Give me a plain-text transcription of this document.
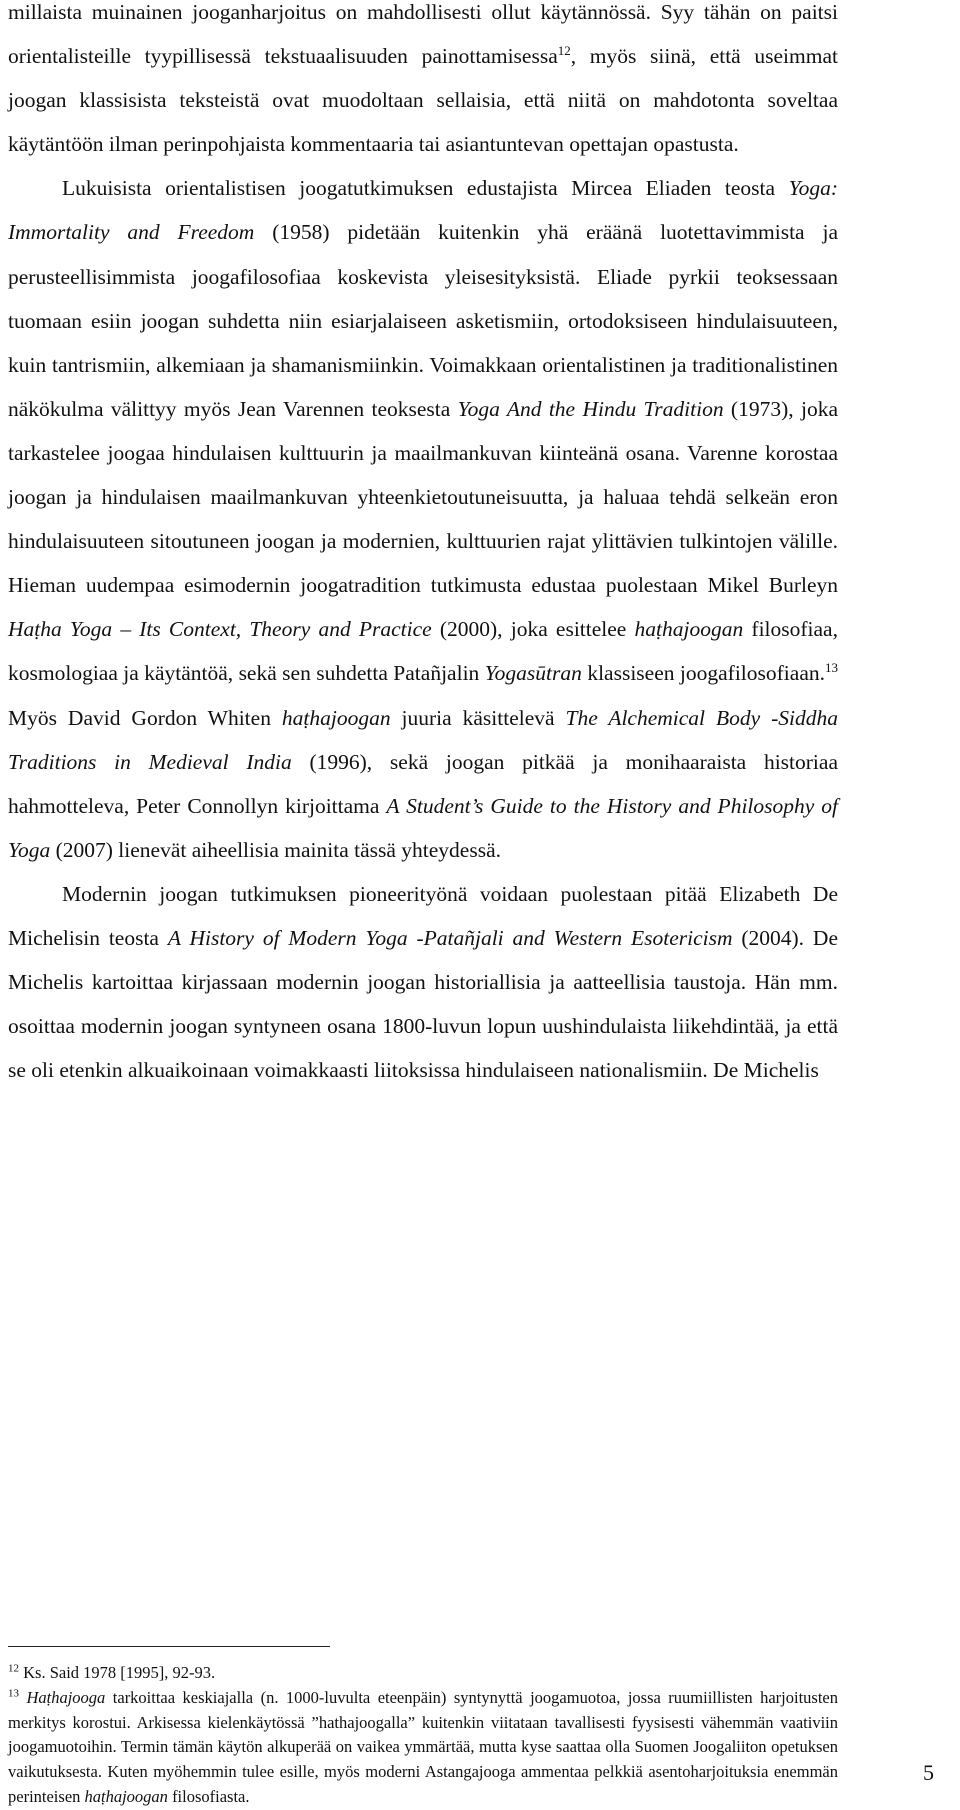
millaista muinainen jooganharjoitus on mahdollisesti ollut käytännössä. Syy tähän on paitsi orientalisteille tyypillisessä tekstuaalisuuden painottamisessa$^{12}$, myös siinä, että useimmat joogan klassisista teksteistä ovat muodoltaan sellaisia, että niitä on mahdotonta soveltaa käytäntöön ilman perinpohjaista kommentaaria tai asiantuntevan opettajan opastusta.

Lukuisista orientalistisen joogatutkimuksen edustajista Mircea Eliaden teosta Yoga: Immortality and Freedom (1958) pidetään kuitenkin yhä eräänä luotettavimmista ja perusteellisimmista joogafilosofiaa koskevista yleisesityksistä. Eliade pyrkii teoksessaan tuomaan esiin joogan suhdetta niin esiarjalaiseen asketismiin, ortodoksiseen hindulaisuuteen, kuin tantrismiin, alkemiaan ja shamanismiinkin. Voimakkaan orientalistinen ja traditionalistinen näkökulma välittyy myös Jean Varennen teoksesta Yoga And the Hindu Tradition (1973), joka tarkastelee joogaa hindulaisen kulttuurin ja maailmankuvan kiinteänä osana. Varenne korostaa joogan ja hindulaisen maailmankuvan yhteenkietoutuneisuutta, ja haluaa tehdä selkeän eron hindulaisuuteen sitoutuneen joogan ja modernien, kulttuurien rajat ylittävien tulkintojen välille. Hieman uudempaa esimodernin joogatradition tutkimusta edustaa puolestaan Mikel Burleyn Haṭha Yoga – Its Context, Theory and Practice (2000), joka esittelee haṭhajoogan filosofiaa, kosmologiaa ja käytäntöä, sekä sen suhdetta Patañjalin Yogasūtran klassiseen joogafilosofiaan.$^{13}$ Myös David Gordon Whiten haṭhajoogan juuria käsittelevä The Alchemical Body -Siddha Traditions in Medieval India (1996), sekä joogan pitkää ja monihaaraista historiaa hahmotteleva, Peter Connollyn kirjoittama A Student’s Guide to the History and Philosophy of Yoga (2007) lienevät aiheellisia mainita tässä yhteydessä.

Modernin joogan tutkimuksen pioneerityönä voidaan puolestaan pitää Elizabeth De Michelisin teosta A History of Modern Yoga -Patañjali and Western Esotericism (2004). De Michelis kartoittaa kirjassaan modernin joogan historiallisia ja aatteellisia taustoja. Hän mm. osoittaa modernin joogan syntyneen osana 1800-luvun lopun uushindulaista liikehdintää, ja että se oli etenkin alkuaikoinaan voimakkaasti liitoksissa hindulaiseen nationalismiin. De Michelis

$^{12}$ Ks. Said 1978 [1995], 92-93.

$^{13}$ Haṭhajooga tarkoittaa keskiajalla (n. 1000-luvulta eteenpäin) syntynyttä joogamuotoa, jossa ruumiillisten harjoitusten merkitys korostui. Arkisessa kielenkäytössä ”hathajoogalla” kuitenkin viitataan tavallisesti fyysisesti vähemmän vaativiin joogamuotoihin. Termin tämän käytön alkuperää on vaikea ymmärtää, mutta kyse saattaa olla Suomen Joogaliiton opetuksen vaikutuksesta. Kuten myöhemmin tulee esille, myös moderni Astangajooga ammentaa pelkkiä asentoharjoituksia enemmän perinteisen haṭhajoogan filosofiasta.

5
